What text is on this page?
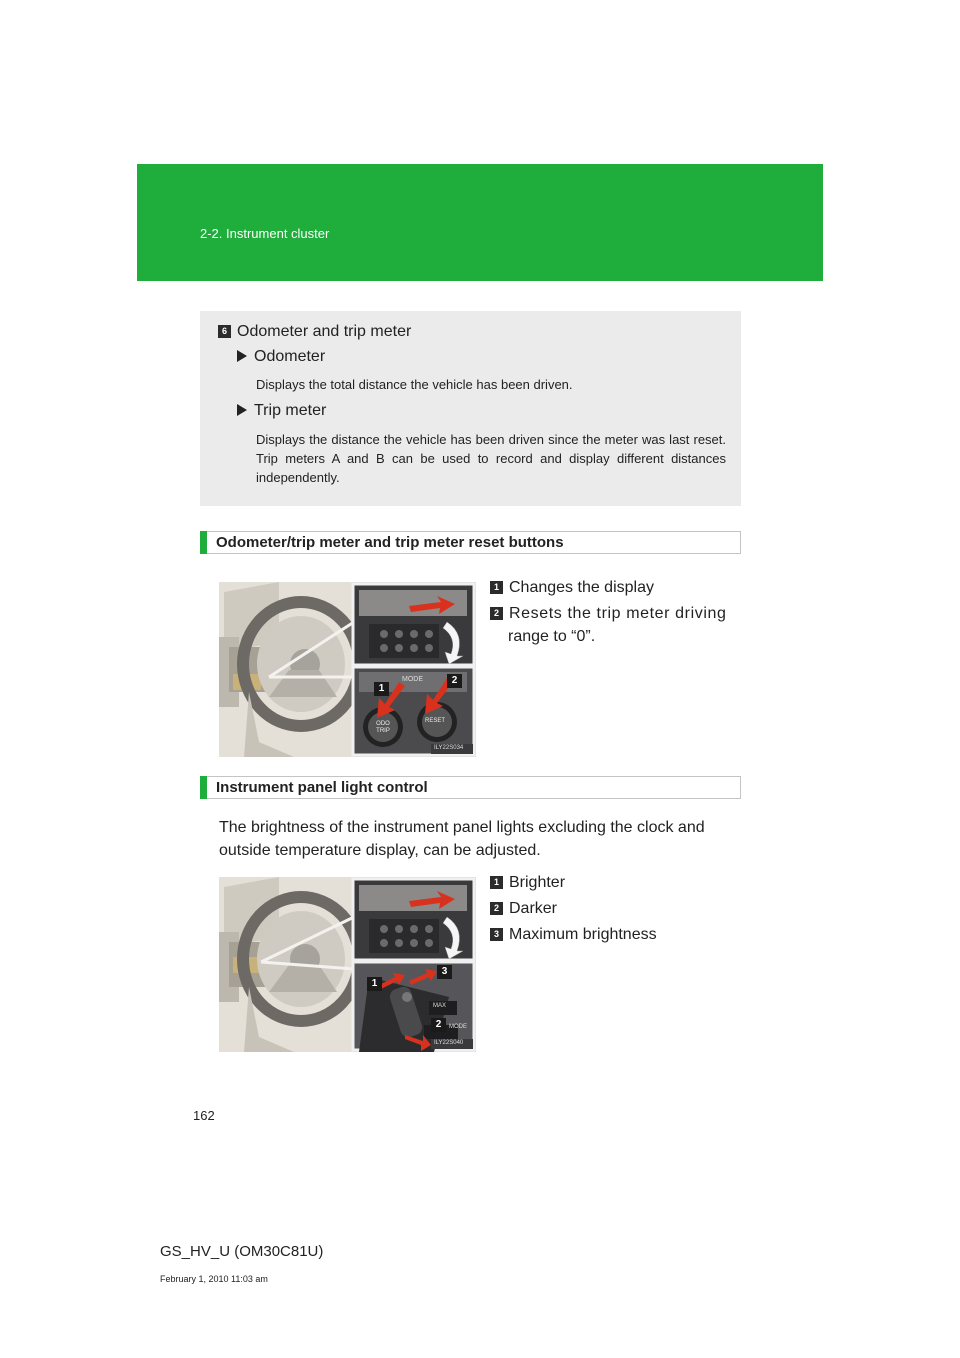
2-2. Instrument cluster
6 Odometer and trip meter
Odometer
Displays the total distance the vehicle has been driven.
Trip meter
Displays the distance the vehicle has been driven since the meter was last reset. Trip meters A and B can be used to record and display different distances independently.
Odometer/trip meter and trip meter reset buttons
1
2
MODE
ODO TRIP
RESET
ILY22S034
1 Changes the display
2 Resets the trip meter driving
range to “0”.
Instrument panel light control
The brightness of the instrument panel lights excluding the clock and outside temperature display, can be adjusted.
1
2
3
MAX
MODE
ILY22S040
1 Brighter
2 Darker
3 Maximum brightness
162
GS_HV_U (OM30C81U)
February 1, 2010 11:03 am
